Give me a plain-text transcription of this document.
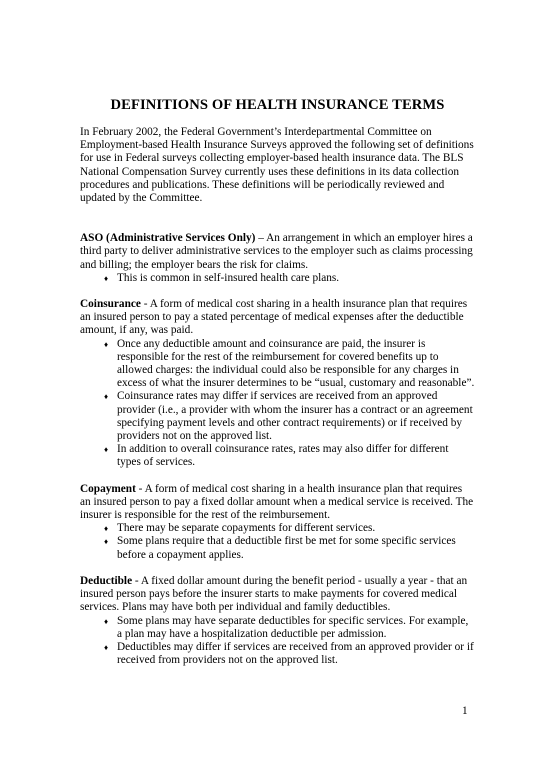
DEFINITIONS OF HEALTH INSURANCE TERMS

In February 2002, the Federal Government’s Interdepartmental Committee on Employment-based Health Insurance Surveys approved the following set of definitions for use in Federal surveys collecting employer-based health insurance data. The BLS National Compensation Survey currently uses these definitions in its data collection procedures and publications. These definitions will be periodically reviewed and updated by the Committee.

ASO (Administrative Services Only) – An arrangement in which an employer hires a third party to deliver administrative services to the employer such as claims processing and billing; the employer bears the risk for claims.

♦ This is common in self-insured health care plans.

Coinsurance - A form of medical cost sharing in a health insurance plan that requires an insured person to pay a stated percentage of medical expenses after the deductible amount, if any, was paid.

♦ Once any deductible amount and coinsurance are paid, the insurer is responsible for the rest of the reimbursement for covered benefits up to allowed charges: the individual could also be responsible for any charges in excess of what the insurer determines to be “usual, customary and reasonable”.
♦ Coinsurance rates may differ if services are received from an approved provider (i.e., a provider with whom the insurer has a contract or an agreement specifying payment levels and other contract requirements) or if received by providers not on the approved list.
♦ In addition to overall coinsurance rates, rates may also differ for different types of services.

Copayment - A form of medical cost sharing in a health insurance plan that requires an insured person to pay a fixed dollar amount when a medical service is received. The insurer is responsible for the rest of the reimbursement.

♦ There may be separate copayments for different services.
♦ Some plans require that a deductible first be met for some specific services before a copayment applies.

Deductible - A fixed dollar amount during the benefit period - usually a year - that an insured person pays before the insurer starts to make payments for covered medical services. Plans may have both per individual and family deductibles.

♦ Some plans may have separate deductibles for specific services. For example, a plan may have a hospitalization deductible per admission.
♦ Deductibles may differ if services are received from an approved provider or if received from providers not on the approved list.
1
